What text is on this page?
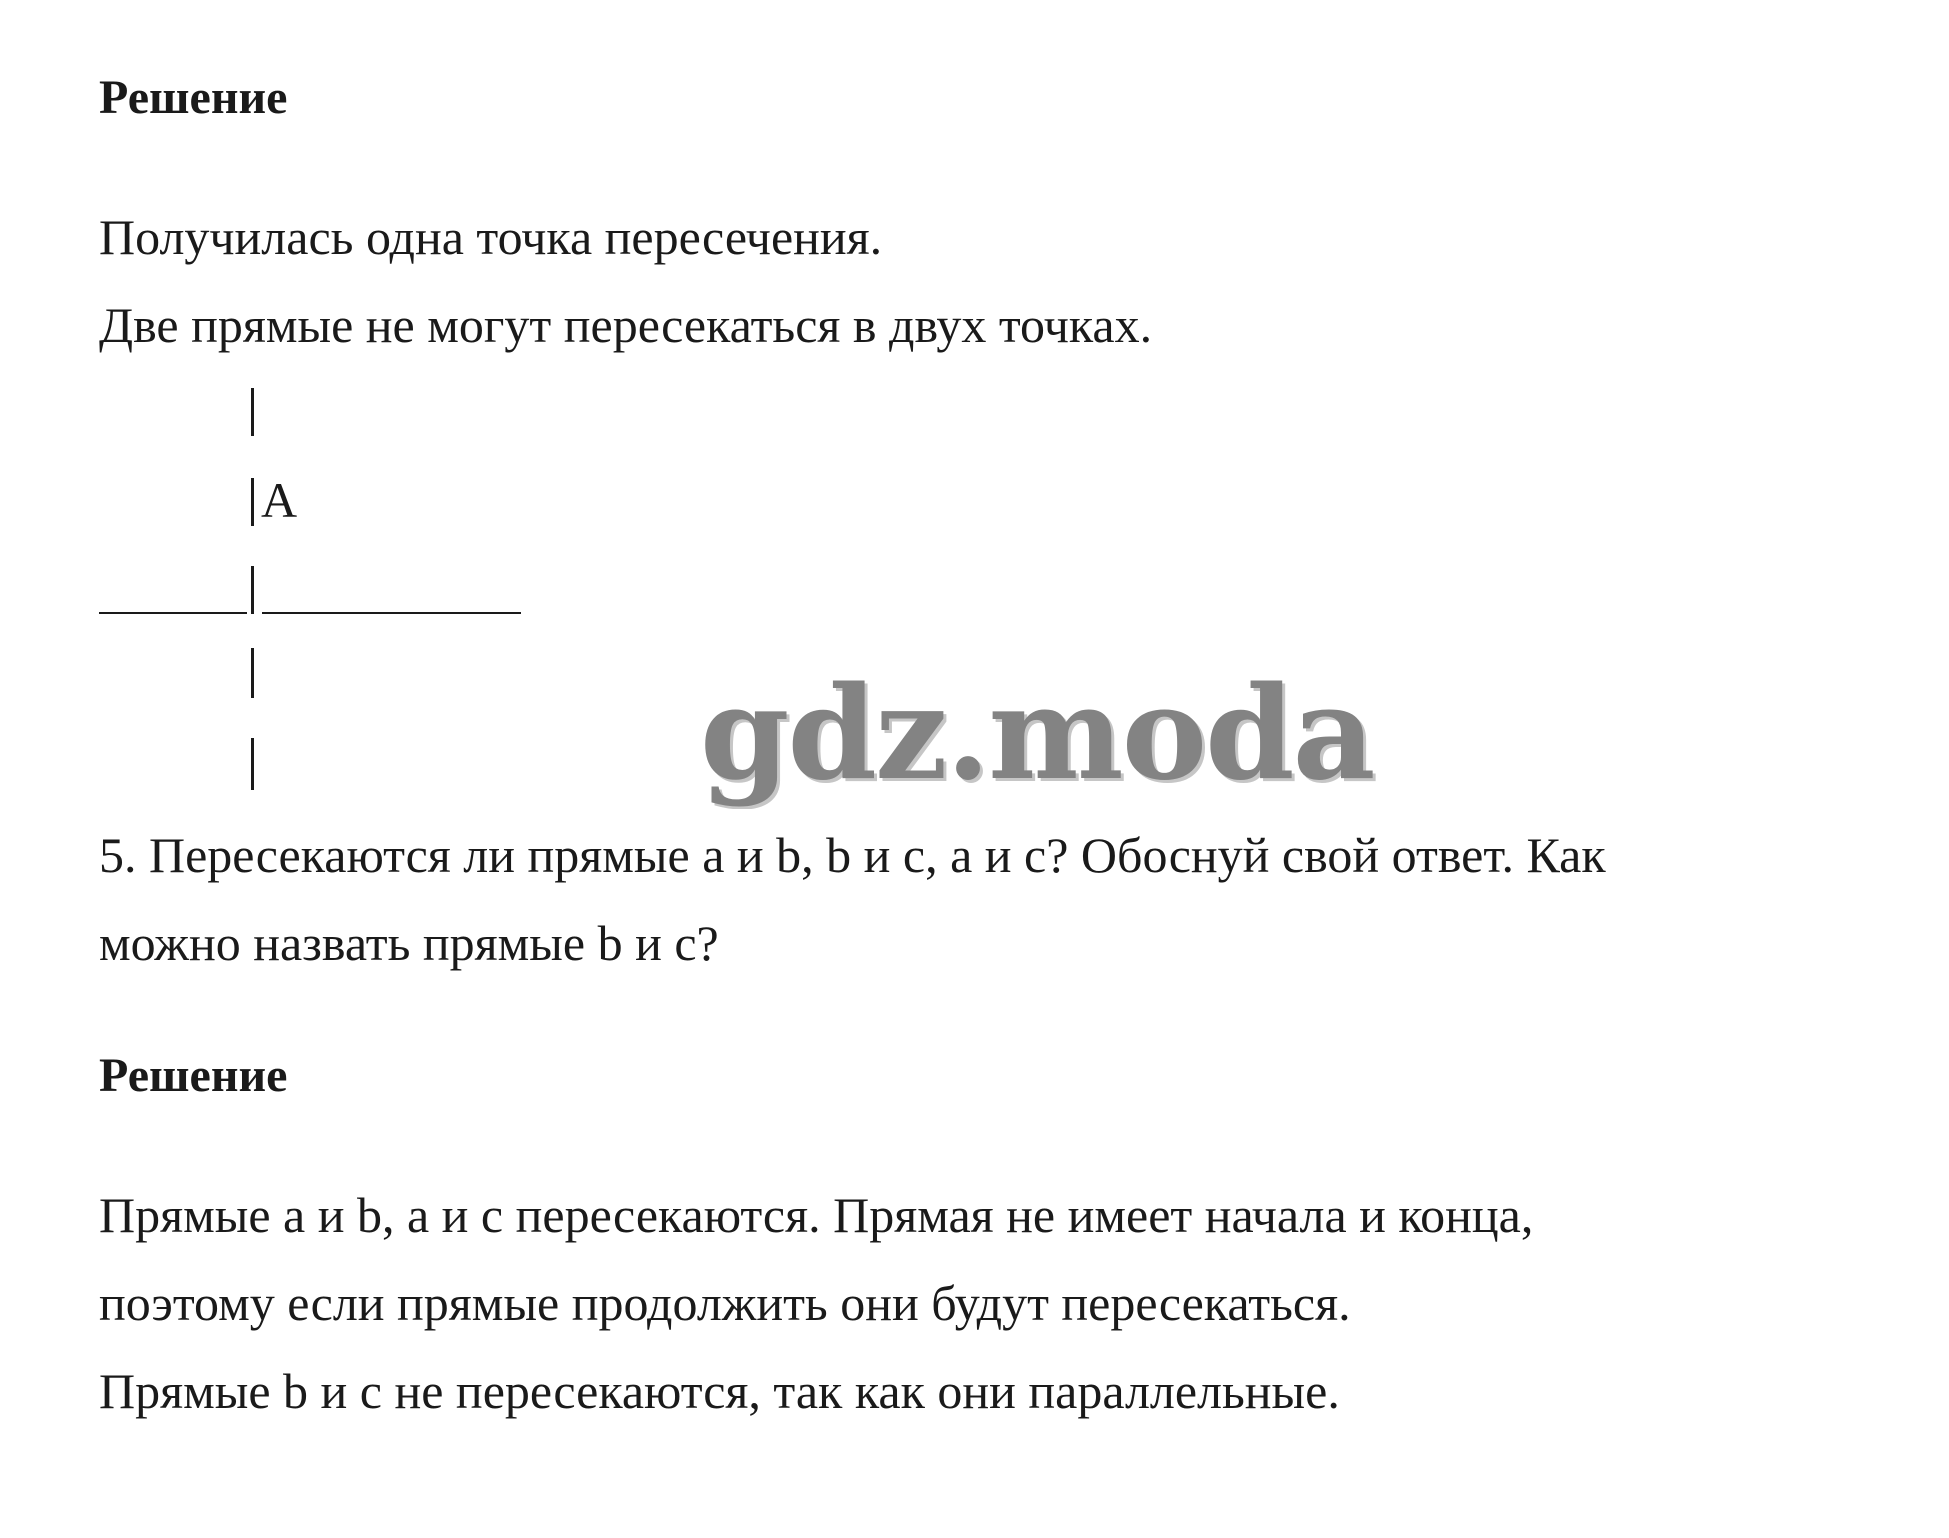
Решение
Получилась одна точка пересечения.
Две прямые не могут пересекаться в двух точках.
A
gdz.moda
5. Пересекаются ли прямые a и b, b и c, a и c? Обоснуй свой ответ. Как
можно назвать прямые b и c?
Решение
Прямые a и b, a и c пересекаются. Прямая не имеет начала и конца,
поэтому если прямые продолжить они будут пересекаться.
Прямые b и c не пересекаются, так как они параллельные.
